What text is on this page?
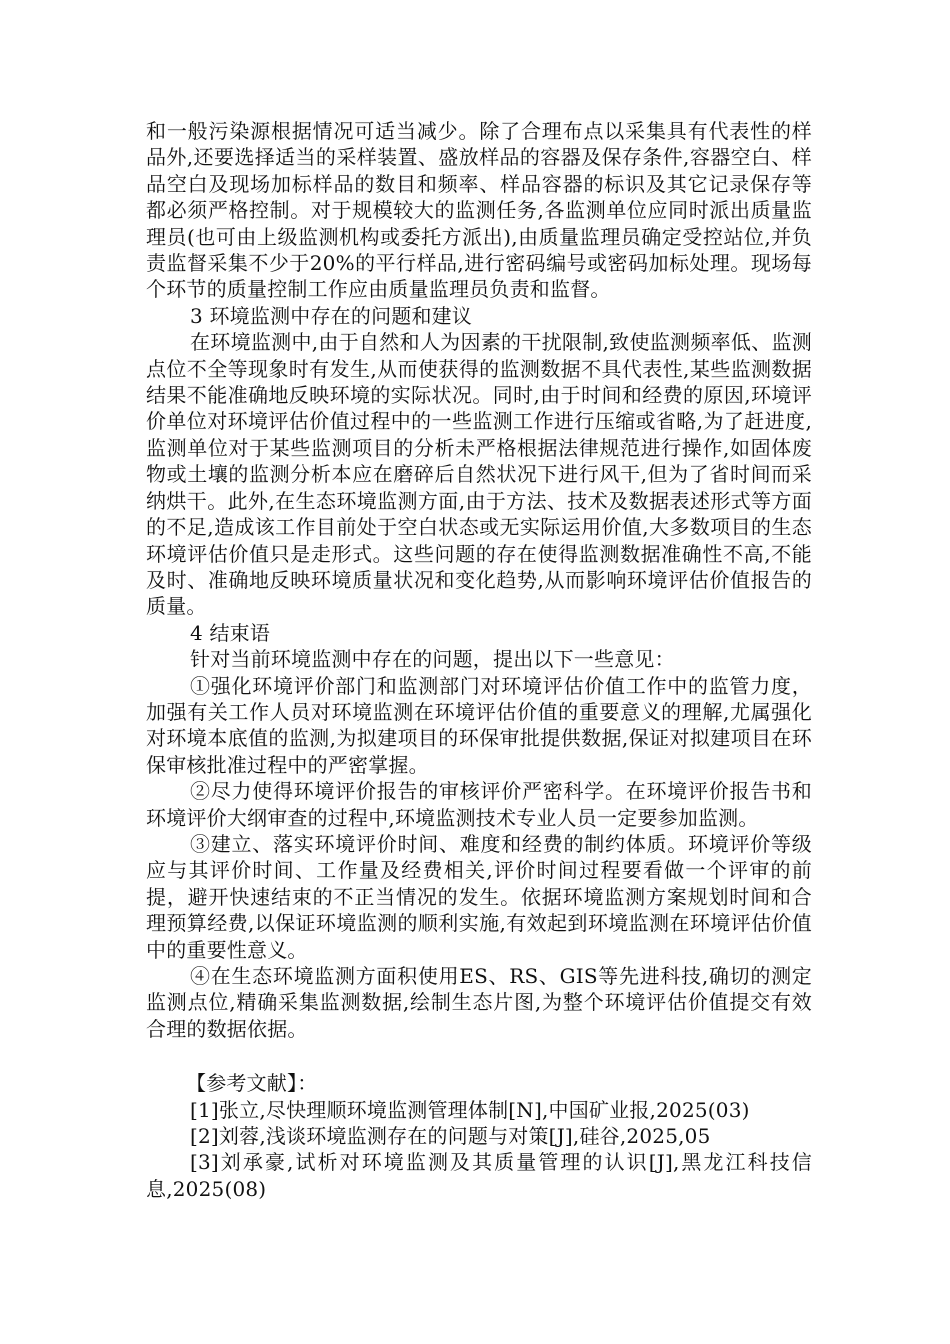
和一般污染源根据情况可适当减少。除了合理布点以采集具有代表性的样品外,还要选择适当的采样装置、盛放样品的容器及保存条件,容器空白、样品空白及现场加标样品的数目和频率、样品容器的标识及其它记录保存等都必须严格控制。对于规模较大的监测任务,各监测单位应同时派出质量监理员(也可由上级监测机构或委托方派出),由质量监理员确定受控站位,并负责监督采集不少于20%的平行样品,进行密码编号或密码加标处理。现场每个环节的质量控制工作应由质量监理员负责和监督。

3 环境监测中存在的问题和建议

在环境监测中,由于自然和人为因素的干扰限制,致使监测频率低、监测点位不全等现象时有发生,从而使获得的监测数据不具代表性,某些监测数据结果不能准确地反映环境的实际状况。同时,由于时间和经费的原因,环境评价单位对环境评估价值过程中的一些监测工作进行压缩或省略,为了赶进度,监测单位对于某些监测项目的分析未严格根据法律规范进行操作,如固体废物或土壤的监测分析本应在磨碎后自然状况下进行风干,但为了省时间而采纳烘干。此外,在生态环境监测方面,由于方法、技术及数据表述形式等方面的不足,造成该工作目前处于空白状态或无实际运用价值,大多数项目的生态环境评估价值只是走形式。这些问题的存在使得监测数据准确性不高,不能及时、准确地反映环境质量状况和变化趋势,从而影响环境评估价值报告的质量。

4 结束语

针对当前环境监测中存在的问题，提出以下一些意见：

①强化环境评价部门和监测部门对环境评估价值工作中的监管力度，加强有关工作人员对环境监测在环境评估价值的重要意义的理解,尤属强化对环境本底值的监测,为拟建项目的环保审批提供数据,保证对拟建项目在环保审核批准过程中的严密掌握。

②尽力使得环境评价报告的审核评价严密科学。在环境评价报告书和环境评价大纲审查的过程中,环境监测技术专业人员一定要参加监测。

③建立、落实环境评价时间、难度和经费的制约体质。环境评价等级应与其评价时间、工作量及经费相关,评价时间过程要看做一个评审的前提，避开快速结束的不正当情况的发生。依据环境监测方案规划时间和合理预算经费,以保证环境监测的顺利实施,有效起到环境监测在环境评估价值中的重要性意义。

④在生态环境监测方面积使用ES、RS、GIS等先进科技,确切的测定监测点位,精确采集监测数据,绘制生态片图,为整个环境评估价值提交有效合理的数据依据。

【参考文献】：

[1]张立,尽快理顺环境监测管理体制[N],中国矿业报,2025(03)

[2]刘蓉,浅谈环境监测存在的问题与对策[J],硅谷,2025,05

[3]刘承豪,试析对环境监测及其质量管理的认识[J],黑龙江科技信息,2025(08)
